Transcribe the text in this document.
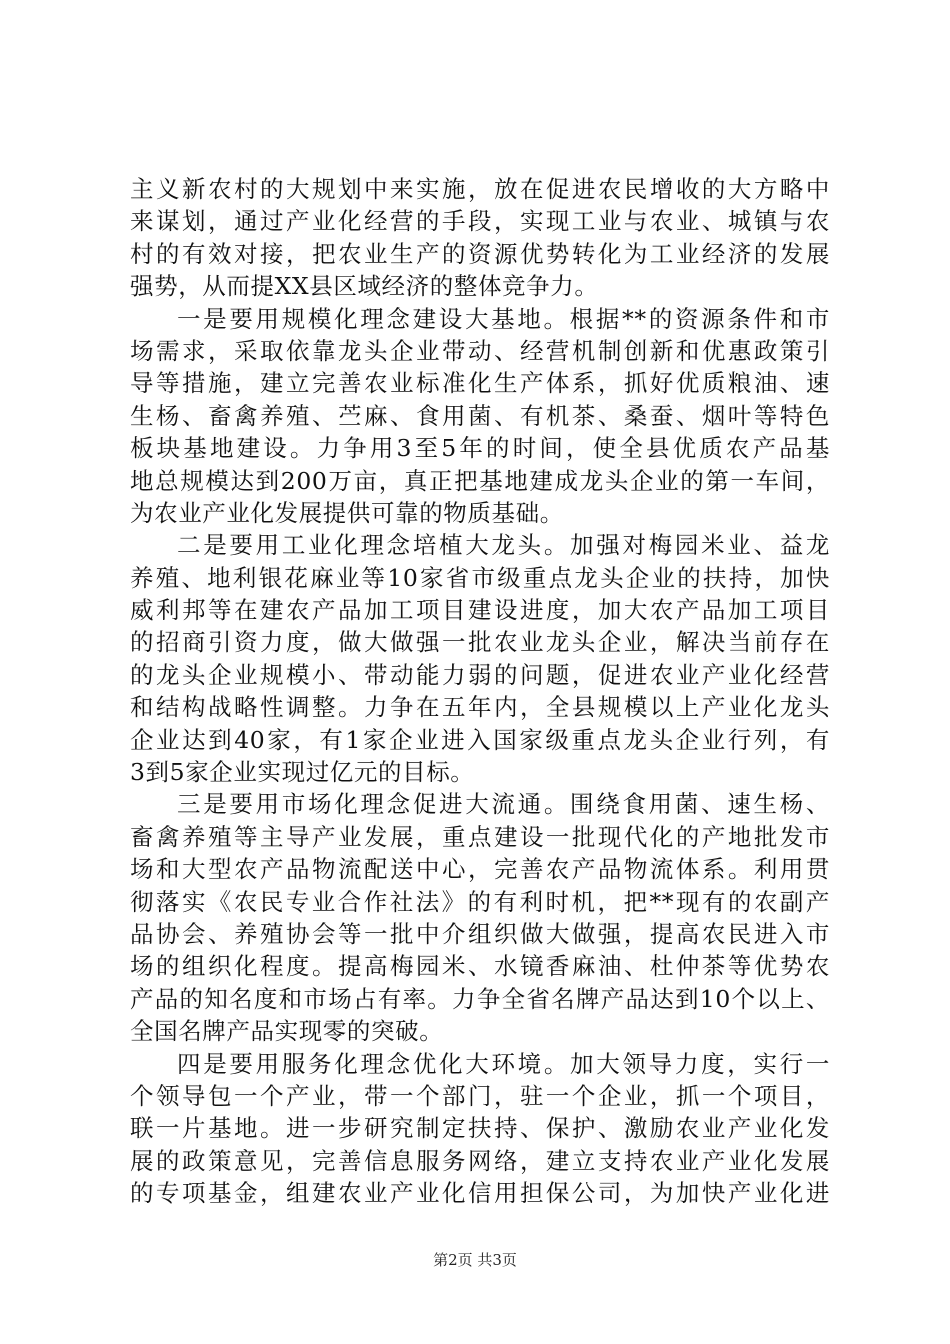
主义新农村的大规划中来实施，放在促进农民增收的大方略中
来谋划，通过产业化经营的手段，实现工业与农业、城镇与农
村的有效对接，把农业生产的资源优势转化为工业经济的发展
强势，从而提XX县区域经济的整体竞争力。
一是要用规模化理念建设大基地。根据**的资源条件和市
场需求，采取依靠龙头企业带动、经营机制创新和优惠政策引
导等措施，建立完善农业标准化生产体系，抓好优质粮油、速
生杨、畜禽养殖、苎麻、食用菌、有机茶、桑蚕、烟叶等特色
板块基地建设。力争用3至5年的时间，使全县优质农产品基
地总规模达到200万亩，真正把基地建成龙头企业的第一车间，
为农业产业化发展提供可靠的物质基础。
二是要用工业化理念培植大龙头。加强对梅园米业、益龙
养殖、地利银花麻业等10家省市级重点龙头企业的扶持，加快
威利邦等在建农产品加工项目建设进度，加大农产品加工项目
的招商引资力度，做大做强一批农业龙头企业，解决当前存在
的龙头企业规模小、带动能力弱的问题，促进农业产业化经营
和结构战略性调整。力争在五年内，全县规模以上产业化龙头
企业达到40家，有1家企业进入国家级重点龙头企业行列，有
3到5家企业实现过亿元的目标。
三是要用市场化理念促进大流通。围绕食用菌、速生杨、
畜禽养殖等主导产业发展，重点建设一批现代化的产地批发市
场和大型农产品物流配送中心，完善农产品物流体系。利用贯
彻落实《农民专业合作社法》的有利时机，把**现有的农副产
品协会、养殖协会等一批中介组织做大做强，提高农民进入市
场的组织化程度。提高梅园米、水镜香麻油、杜仲茶等优势农
产品的知名度和市场占有率。力争全省名牌产品达到10个以上、
全国名牌产品实现零的突破。
四是要用服务化理念优化大环境。加大领导力度，实行一
个领导包一个产业，带一个部门，驻一个企业，抓一个项目，
联一片基地。进一步研究制定扶持、保护、激励农业产业化发
展的政策意见，完善信息服务网络，建立支持农业产业化发展
的专项基金，组建农业产业化信用担保公司，为加快产业化进
第2页 共3页
